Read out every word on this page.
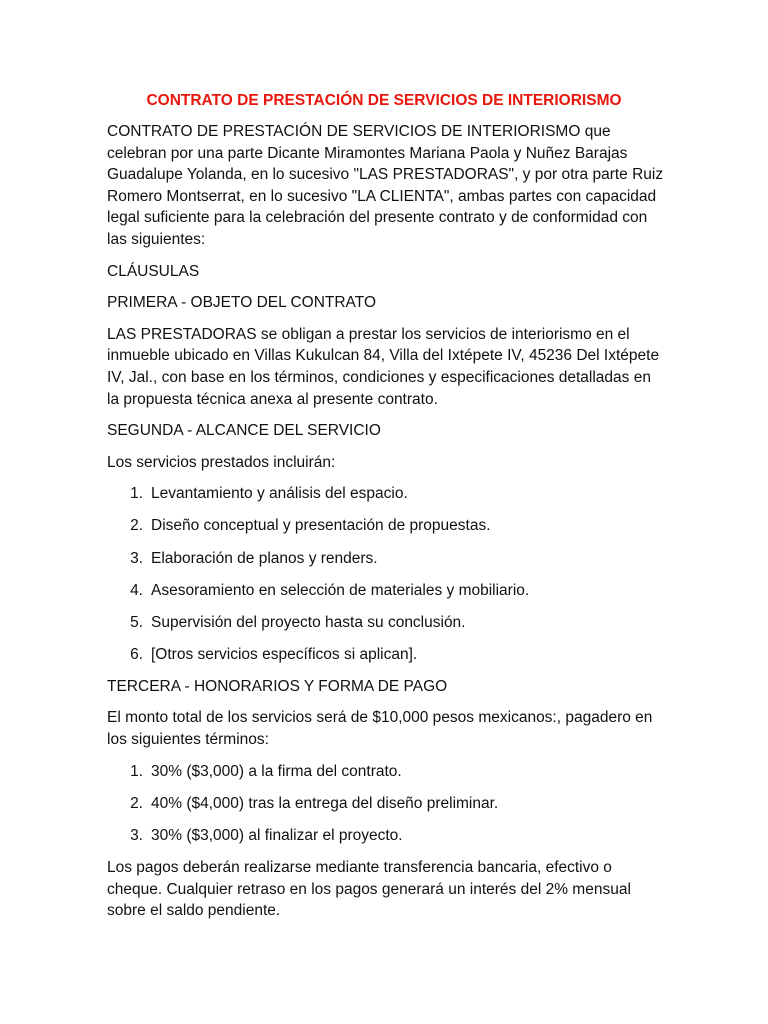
CONTRATO DE PRESTACIÓN DE SERVICIOS DE INTERIORISMO

CONTRATO DE PRESTACIÓN DE SERVICIOS DE INTERIORISMO que celebran por una parte Dicante Miramontes Mariana Paola y Nuñez Barajas Guadalupe Yolanda, en lo sucesivo "LAS PRESTADORAS", y por otra parte Ruiz Romero Montserrat, en lo sucesivo "LA CLIENTA", ambas partes con capacidad legal suficiente para la celebración del presente contrato y de conformidad con las siguientes:

CLÁUSULAS

PRIMERA - OBJETO DEL CONTRATO

LAS PRESTADORAS se obligan a prestar los servicios de interiorismo en el inmueble ubicado en Villas Kukulcan 84, Villa del Ixtépete IV, 45236 Del Ixtépete IV, Jal., con base en los términos, condiciones y especificaciones detalladas en la propuesta técnica anexa al presente contrato.

SEGUNDA - ALCANCE DEL SERVICIO

Los servicios prestados incluirán:

1. Levantamiento y análisis del espacio.
2. Diseño conceptual y presentación de propuestas.
3. Elaboración de planos y renders.
4. Asesoramiento en selección de materiales y mobiliario.
5. Supervisión del proyecto hasta su conclusión.
6. [Otros servicios específicos si aplican].

TERCERA - HONORARIOS Y FORMA DE PAGO

El monto total de los servicios será de $10,000 pesos mexicanos:, pagadero en los siguientes términos:

1. 30% ($3,000) a la firma del contrato.
2. 40% ($4,000) tras la entrega del diseño preliminar.
3. 30% ($3,000) al finalizar el proyecto.

Los pagos deberán realizarse mediante transferencia bancaria, efectivo o cheque. Cualquier retraso en los pagos generará un interés del 2% mensual sobre el saldo pendiente.
